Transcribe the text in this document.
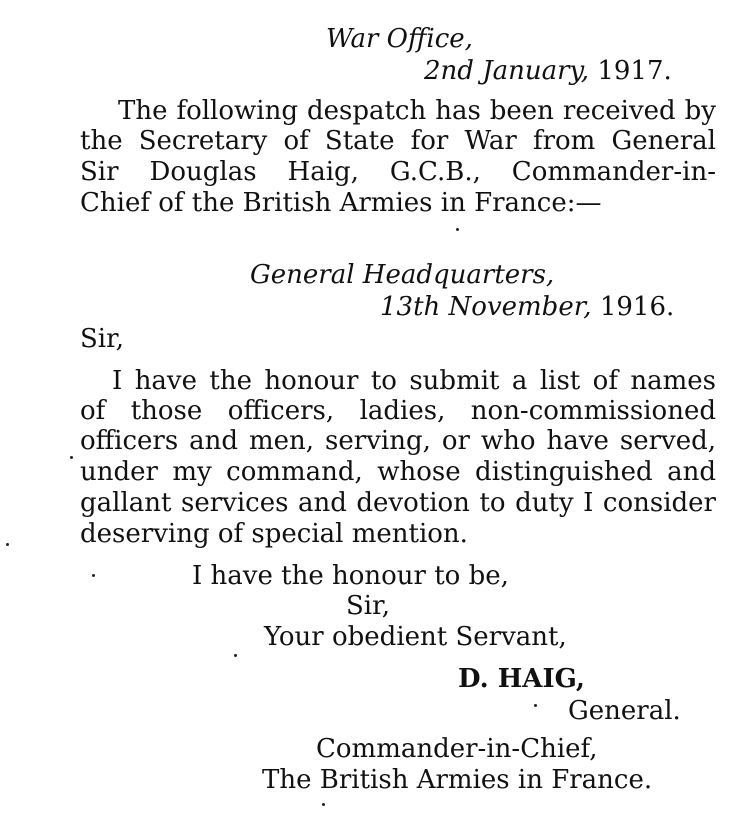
War Office,
2nd January, 1917.
The following despatch has been received by
the Secretary of State for War from General
Sir Douglas Haig, G.C.B., Commander-in-
Chief of the British Armies in France:—
General Headquarters,
13th November, 1916.
Sir,
I have the honour to submit a list of names
of those officers, ladies, non-commissioned
officers and men, serving, or who have served,
under my command, whose distinguished and
gallant services and devotion to duty I consider
deserving of special mention.
I have the honour to be,
Sir,
Your obedient Servant,
D. HAIG,
General.
Commander-in-Chief,
The British Armies in France.
